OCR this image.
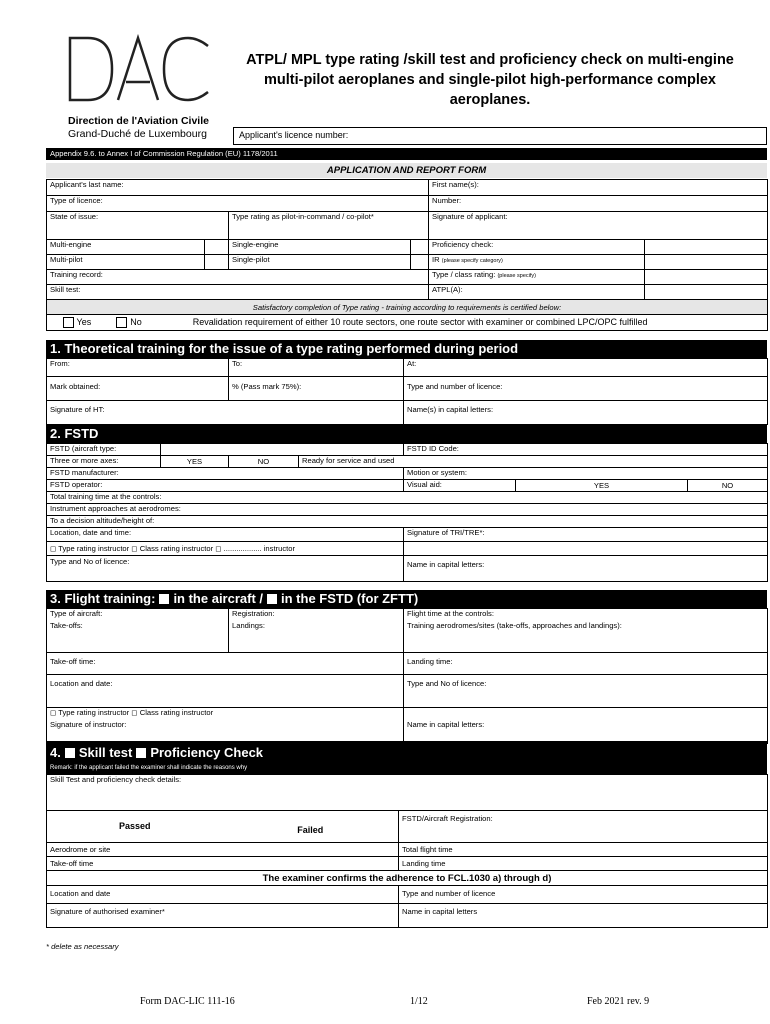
Direction de l'Aviation Civile
Grand-Duché de Luxembourg
ATPL/ MPL type rating /skill test and proficiency check on multi-engine multi-pilot aeroplanes and single-pilot high-performance complex aeroplanes.
Applicant's licence number:
Appendix 9.6. to Annex I of Commission Regulation (EU) 1178/2011
APPLICATION AND REPORT FORM
Applicant's last name:				First name(s):	
Type of licence:				Number:	
State of issue:		Type rating as pilot-in-command / co-pilot*		Signature of applicant:	
Multi-engine		Single-engine		Proficiency check:	
Multi-pilot		Single-pilot		IR (please specify category)	
Training record:				Type / class rating: (please specify)	
Skill test:				ATPL(A):	
Satisfactory completion of Type rating - training according to requirements is certified below:					
Yes No Revalidation requirement of either 10 route sectors, one route sector with examiner or combined LPC/OPC fulfilled					
1. Theoretical training for the issue of a type rating performed during period
From:	To:	At:
Mark obtained:	% (Pass mark 75%):	Type and number of licence:
Signature of HT:		Name(s) in capital letters:
2. FSTD
FSTD (aircraft type:				FSTD ID Code:		
Three or more axes:	YES	NO	Ready for service and used			
FSTD manufacturer:				Motion or system:		
FSTD operator:				Visual aid:	YES	NO
Total training time at the controls:						
Instrument approaches at aerodromes:						
To a decision altitude/height of:						
Location, date and time:				Signature of TRI/TRE*:		
◻ Type rating instructor ◻ Class rating instructor ◻ .................. instructor						
Type and No of licence:				Name in capital letters:		
3. Flight training: in the aircraft / in the FSTD (for ZFTT)
Type of aircraft:	Registration:	Flight time at the controls:
Take-offs:	Landings:	Training aerodromes/sites (take-offs, approaches and landings):
Take-off time:		Landing time:
Location and date:		Type and No of licence:
◻ Type rating instructor ◻ Class rating instructor		
Signature of instructor:		Name in capital letters:
4. Skill test Proficiency Check
Remark: if the applicant failed the examiner shall indicate the reasons why
Skill Test and proficiency check details:		
Passed	Failed	FSTD/Aircraft Registration:
Aerodrome or site		Total flight time
Take-off time		Landing time
The examiner confirms the adherence to FCL.1030 a) through d)		
Location and date		Type and number of licence
Signature of authorised examiner*		Name in capital letters
* delete as necessary
Form DAC-LIC 111-16	1/12	Feb 2021 rev. 9
